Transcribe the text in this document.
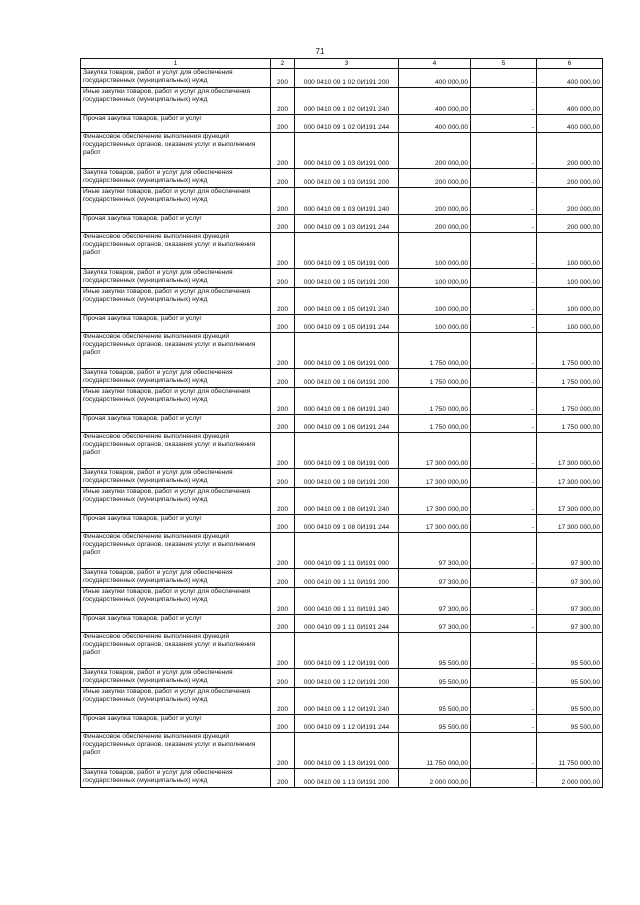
71
1	2	3	4	5	6
Закупка товаров, работ и услуг для обеспечения государственных (муниципальных) нужд	200	000 0410 09 1 02 0И191 200	400 000,00	-	400 000,00
Иные закупки товаров, работ и услуг для обеспечения государственных (муниципальных) нужд	200	000 0410 09 1 02 0И191 240	400 000,00	-	400 000,00
Прочая закупка товаров, работ и услуг	200	000 0410 09 1 02 0И191 244	400 000,00	-	400 000,00
Финансовое обеспечение выполнения функций государственных органов, оказания услуг и выполнения работ	200	000 0410 09 1 03 0И191 000	200 000,00	-	200 000,00
Закупка товаров, работ и услуг для обеспечения государственных (муниципальных) нужд	200	000 0410 09 1 03 0И191 200	200 000,00	-	200 000,00
Иные закупки товаров, работ и услуг для обеспечения государственных (муниципальных) нужд	200	000 0410 09 1 03 0И191 240	200 000,00	-	200 000,00
Прочая закупка товаров, работ и услуг	200	000 0410 09 1 03 0И191 244	200 000,00	-	200 000,00
Финансовое обеспечение выполнения функций государственных органов, оказания услуг и выполнения работ	200	000 0410 09 1 05 0И191 000	100 000,00	-	100 000,00
Закупка товаров, работ и услуг для обеспечения государственных (муниципальных) нужд	200	000 0410 09 1 05 0И191 200	100 000,00	-	100 000,00
Иные закупки товаров, работ и услуг для обеспечения государственных (муниципальных) нужд	200	000 0410 09 1 05 0И191 240	100 000,00	-	100 000,00
Прочая закупка товаров, работ и услуг	200	000 0410 09 1 05 0И191 244	100 000,00	-	100 000,00
Финансовое обеспечение выполнения функций государственных органов, оказания услуг и выполнения работ	200	000 0410 09 1 06 0И191 000	1 750 000,00	-	1 750 000,00
Закупка товаров, работ и услуг для обеспечения государственных (муниципальных) нужд	200	000 0410 09 1 06 0И191 200	1 750 000,00	-	1 750 000,00
Иные закупки товаров, работ и услуг для обеспечения государственных (муниципальных) нужд	200	000 0410 09 1 06 0И191 240	1 750 000,00	-	1 750 000,00
Прочая закупка товаров, работ и услуг	200	000 0410 09 1 06 0И191 244	1 750 000,00	-	1 750 000,00
Финансовое обеспечение выполнения функций государственных органов, оказания услуг и выполнения работ	200	000 0410 09 1 08 0И191 000	17 300 000,00	-	17 300 000,00
Закупка товаров, работ и услуг для обеспечения государственных (муниципальных) нужд	200	000 0410 09 1 08 0И191 200	17 300 000,00	-	17 300 000,00
Иные закупки товаров, работ и услуг для обеспечения государственных (муниципальных) нужд	200	000 0410 09 1 08 0И191 240	17 300 000,00	-	17 300 000,00
Прочая закупка товаров, работ и услуг	200	000 0410 09 1 08 0И191 244	17 300 000,00	-	17 300 000,00
Финансовое обеспечение выполнения функций государственных органов, оказания услуг и выполнения работ	200	000 0410 09 1 11 0И191 000	97 300,00	-	97 300,00
Закупка товаров, работ и услуг для обеспечения государственных (муниципальных) нужд	200	000 0410 09 1 11 0И191 200	97 300,00	-	97 300,00
Иные закупки товаров, работ и услуг для обеспечения государственных (муниципальных) нужд	200	000 0410 09 1 11 0И191 240	97 300,00	-	97 300,00
Прочая закупка товаров, работ и услуг	200	000 0410 09 1 11 0И191 244	97 300,00	-	97 300,00
Финансовое обеспечение выполнения функций государственных органов, оказания услуг и выполнения работ	200	000 0410 09 1 12 0И191 000	95 500,00	-	95 500,00
Закупка товаров, работ и услуг для обеспечения государственных (муниципальных) нужд	200	000 0410 09 1 12 0И191 200	95 500,00	-	95 500,00
Иные закупки товаров, работ и услуг для обеспечения государственных (муниципальных) нужд	200	000 0410 09 1 12 0И191 240	95 500,00	-	95 500,00
Прочая закупка товаров, работ и услуг	200	000 0410 09 1 12 0И191 244	95 500,00	-	95 500,00
Финансовое обеспечение выполнения функций государственных органов, оказания услуг и выполнения работ	200	000 0410 09 1 13 0И191 000	11 750 000,00	-	11 750 000,00
Закупка товаров, работ и услуг для обеспечения государственных (муниципальных) нужд	200	000 0410 09 1 13 0И191 200	2 000 000,00	-	2 000 000,00
